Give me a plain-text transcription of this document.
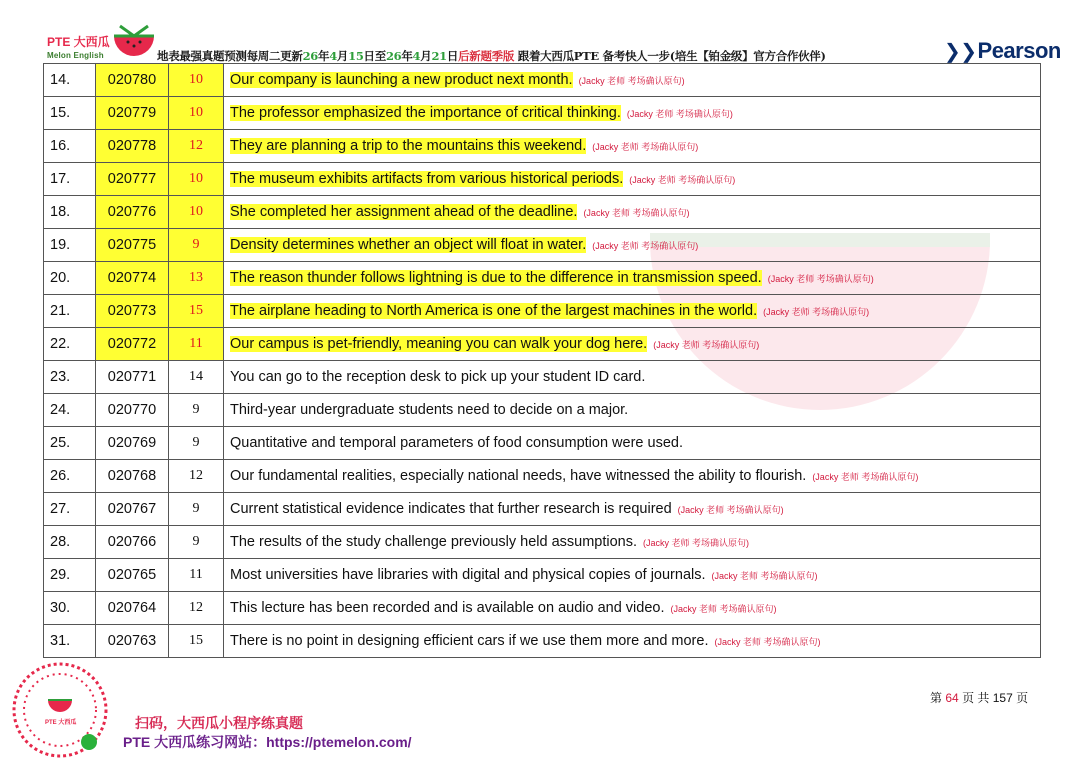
PTE 大西瓜
Melon English	地表最强真题预测每周二更新26年4月15日至26年4月21日后新题季版 跟着大西瓜PTE 备考快人一步(培生【铂金级】官方合作伙伴)	❯❯Pearson
14.	020780	10	Our company is launching a new product next month. (Jacky 老师 考场确认原句)
15.	020779	10	The professor emphasized the importance of critical thinking. (Jacky 老师 考场确认原句)
16.	020778	12	They are planning a trip to the mountains this weekend. (Jacky 老师 考场确认原句)
17.	020777	10	The museum exhibits artifacts from various historical periods. (Jacky 老师 考场确认原句)
18.	020776	10	She completed her assignment ahead of the deadline. (Jacky 老师 考场确认原句)
19.	020775	9	Density determines whether an object will float in water. (Jacky 老师 考场确认原句)
20.	020774	13	The reason thunder follows lightning is due to the difference in transmission speed. (Jacky 老师 考场确认原句)
21.	020773	15	The airplane heading to North America is one of the largest machines in the world. (Jacky 老师 考场确认原句)
22.	020772	11	Our campus is pet-friendly, meaning you can walk your dog here. (Jacky 老师 考场确认原句)
23.	020771	14	You can go to the reception desk to pick up your student ID card.
24.	020770	9	Third-year undergraduate students need to decide on a major.
25.	020769	9	Quantitative and temporal parameters of food consumption were used.
26.	020768	12	Our fundamental realities, especially national needs, have witnessed the ability to flourish. (Jacky 老师 考场确认原句)
27.	020767	9	Current statistical evidence indicates that further research is required (Jacky 老师 考场确认原句)
28.	020766	9	The results of the study challenge previously held assumptions. (Jacky 老师 考场确认原句)
29.	020765	11	Most universities have libraries with digital and physical copies of journals. (Jacky 老师 考场确认原句)
30.	020764	12	This lecture has been recorded and is available on audio and video. (Jacky 老师 考场确认原句)
31.	020763	15	There is no point in designing efficient cars if we use them more and more. (Jacky 老师 考场确认原句)
PTE 大西瓜	扫码，大西瓜小程序练真题
PTE 大西瓜练习网站：https://ptemelon.com/
第 64 页 共 157 页
